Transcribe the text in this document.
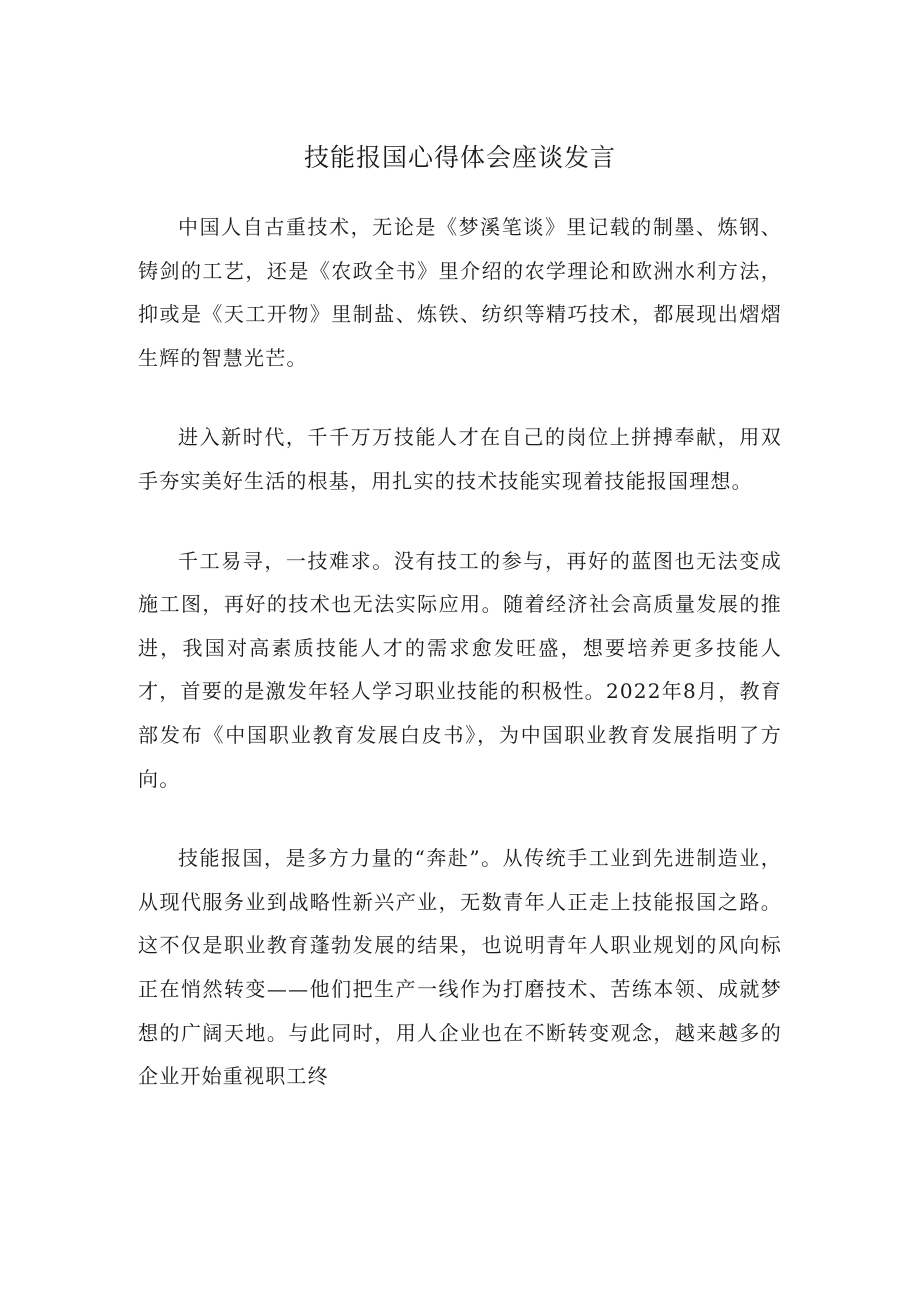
技能报国心得体会座谈发言

中国人自古重技术，无论是《梦溪笔谈》里记载的制墨、炼钢、铸剑的工艺，还是《农政全书》里介绍的农学理论和欧洲水利方法，抑或是《天工开物》里制盐、炼铁、纺织等精巧技术，都展现出熠熠生辉的智慧光芒。

进入新时代，千千万万技能人才在自己的岗位上拼搏奉献，用双手夯实美好生活的根基，用扎实的技术技能实现着技能报国理想。

千工易寻，一技难求。没有技工的参与，再好的蓝图也无法变成施工图，再好的技术也无法实际应用。随着经济社会高质量发展的推进，我国对高素质技能人才的需求愈发旺盛，想要培养更多技能人才，首要的是激发年轻人学习职业技能的积极性。2022年8月，教育部发布《中国职业教育发展白皮书》，为中国职业教育发展指明了方向。

技能报国，是多方力量的“奔赴”。从传统手工业到先进制造业，从现代服务业到战略性新兴产业，无数青年人正走上技能报国之路。这不仅是职业教育蓬勃发展的结果，也说明青年人职业规划的风向标正在悄然转变——他们把生产一线作为打磨技术、苦练本领、成就梦想的广阔天地。与此同时，用人企业也在不断转变观念，越来越多的企业开始重视职工终
